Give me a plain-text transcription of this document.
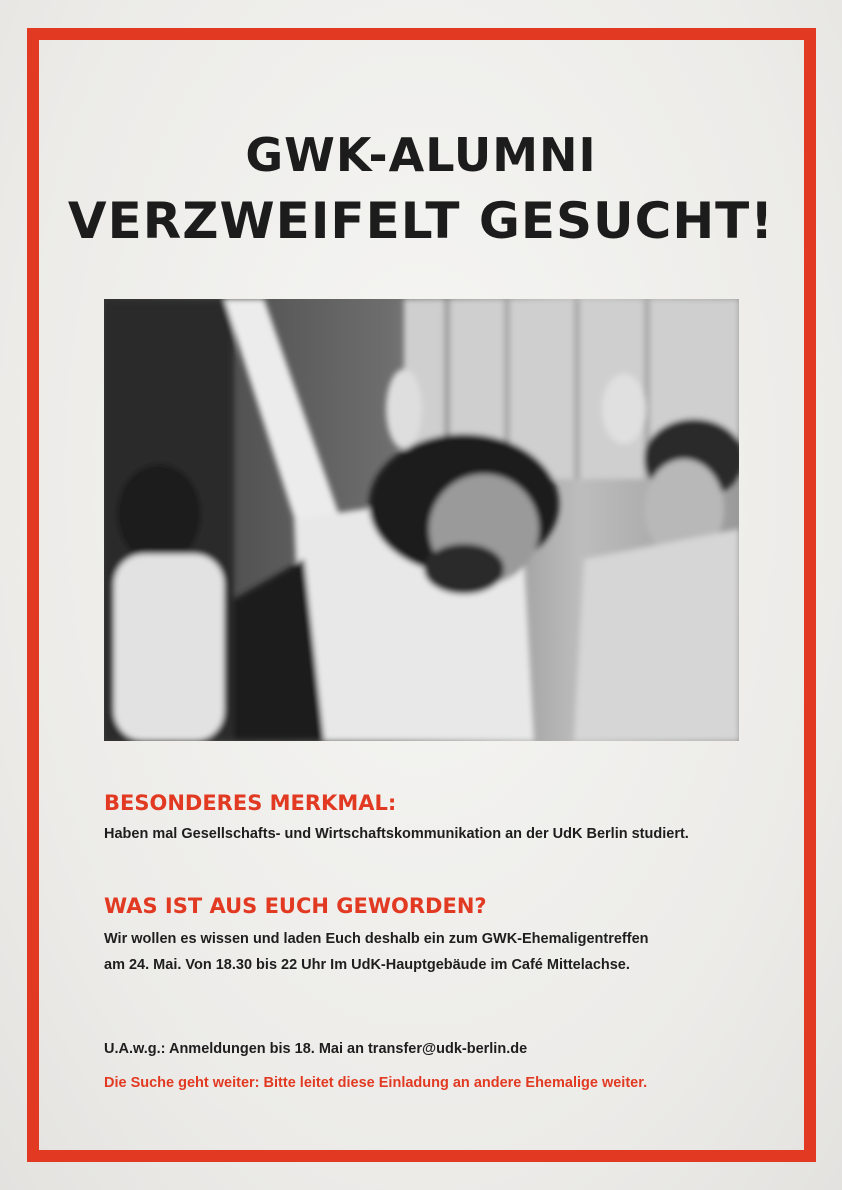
GWK-ALUMNI
VERZWEIFELT GESUCHT!
BESONDERES MERKMAL:
Haben mal Gesellschafts- und Wirtschaftskommunikation an der UdK Berlin studiert.
WAS IST AUS EUCH GEWORDEN?
Wir wollen es wissen und laden Euch deshalb ein zum GWK-Ehemaligentreffen
am 24. Mai. Von 18.30 bis 22 Uhr Im UdK-Hauptgebäude im Café Mittelachse.
U.A.w.g.: Anmeldungen bis 18. Mai an transfer@udk-berlin.de
Die Suche geht weiter: Bitte leitet diese Einladung an andere Ehemalige weiter.
